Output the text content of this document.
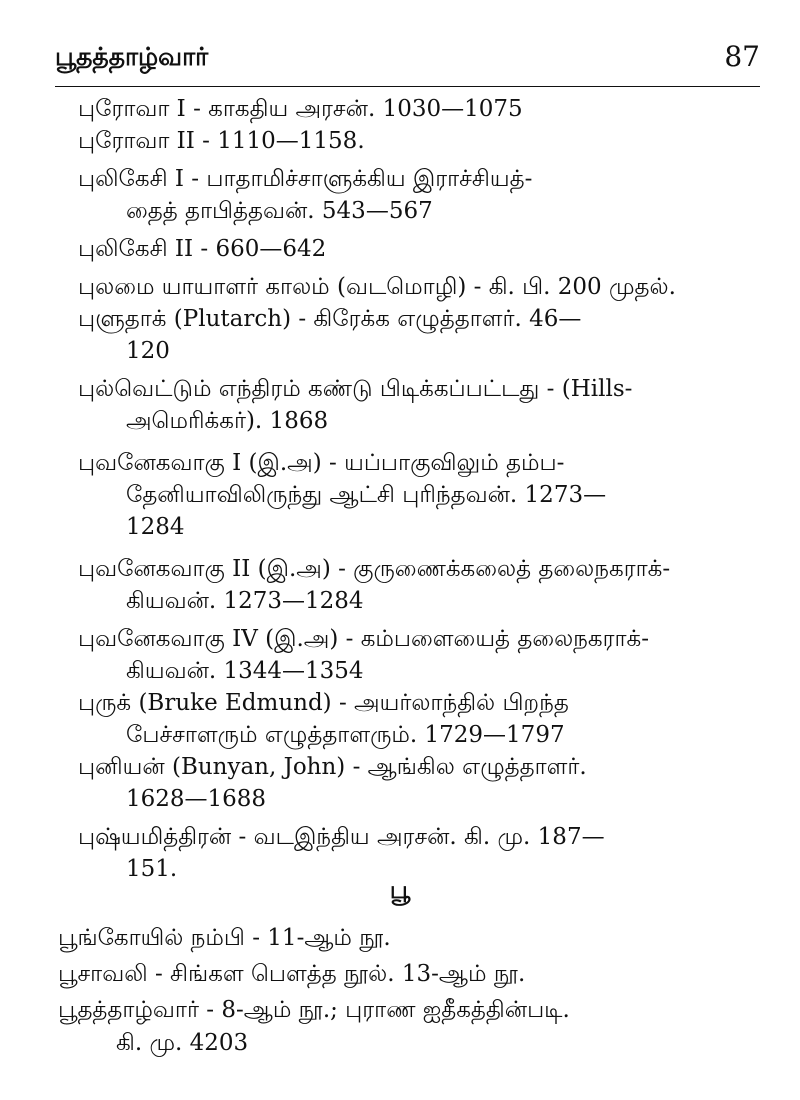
பூதத்தாழ்வார்	87
புரோவா I - காகதிய அரசன். 1030—1075
புரோவா II - 1110—1158.
புலிகேசி I - பாதாமிச்சாளுக்கிய இராச்சியத்-
தைத் தாபித்தவன். 543—567
புலிகேசி II - 660—642
புலமை யாயாளர் காலம் (வடமொழி) - கி. பி. 200 முதல்.
புளுதாக் (Plutarch) - கிரேக்க எழுத்தாளர். 46—
120
புல்வெட்டும் எந்திரம் கண்டு பிடிக்கப்பட்டது - (Hills-
அமெரிக்கர்). 1868
புவனேகவாகு I (இ.அ) - யப்பாகுவிலும் தம்ப-
தேனியாவிலிருந்து ஆட்சி புரிந்தவன். 1273—
1284
புவனேகவாகு II (இ.அ) - குருணைக்கலைத் தலைநகராக்-
கியவன். 1273—1284
புவனேகவாகு IV (இ.அ) - கம்பளையைத் தலைநகராக்-
கியவன். 1344—1354
புருக் (Bruke Edmund) - அயர்லாந்தில் பிறந்த
பேச்சாளரும் எழுத்தாளரும். 1729—1797
புனியன் (Bunyan, John) - ஆங்கில எழுத்தாளர்.
1628—1688
புஷ்யமித்திரன் - வடஇந்திய அரசன். கி. மு. 187—
151.
பூ
பூங்கோயில் நம்பி - 11-ஆம் நூ.
பூசாவலி - சிங்கள பௌத்த நூல். 13-ஆம் நூ.
பூதத்தாழ்வார் - 8-ஆம் நூ.; புராண ஐதீகத்தின்படி.
கி. மு. 4203
